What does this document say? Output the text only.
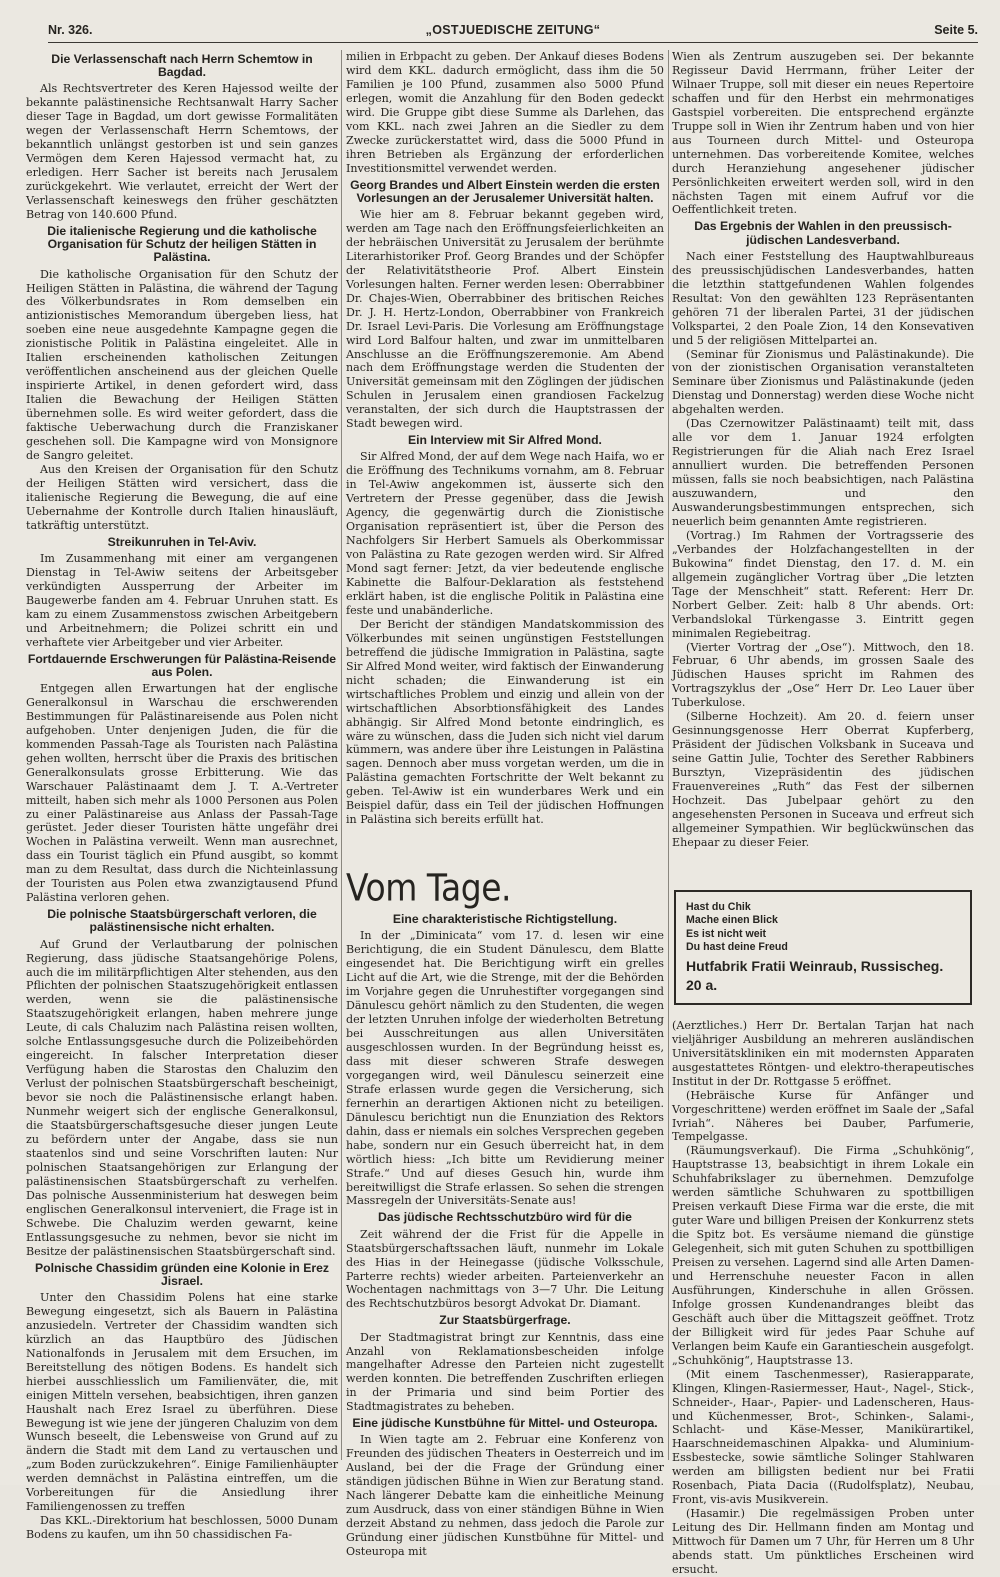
Nr. 326.	„OSTJUEDISCHE ZEITUNG“	Seite 5.
Die Verlassenschaft nach Herrn Schemtow in Bagdad.

Als Rechtsvertreter des Keren Hajessod weilte der bekannte palästinensiche Rechtsanwalt Harry Sacher dieser Tage in Bagdad, um dort gewisse Formalitäten wegen der Verlassenschaft Herrn Schemtows, der bekanntlich unlängst gestorben ist und sein ganzes Vermögen dem Keren Hajessod vermacht hat, zu erledigen. Herr Sacher ist bereits nach Jerusalem zurückgekehrt. Wie verlautet, erreicht der Wert der Verlassenschaft keineswegs den früher geschätzten Betrag von 140.600 Pfund.

Die italienische Regierung und die katholische Organisation für Schutz der heiligen Stätten in Palästina.

Die katholische Organisation für den Schutz der Heiligen Stätten in Palästina, die während der Tagung des Völkerbundsrates in Rom demselben ein antizionistisches Memorandum übergeben liess, hat soeben eine neue ausgedehnte Kampagne gegen die zionistische Politik in Palästina eingeleitet. Alle in Italien erscheinenden katholischen Zeitungen veröffentlichen anscheinend aus der gleichen Quelle inspirierte Artikel, in denen gefordert wird, dass Italien die Bewachung der Heiligen Stätten übernehmen solle. Es wird weiter gefordert, dass die faktische Ueberwachung durch die Franziskaner geschehen soll. Die Kampagne wird von Monsignore de Sangro geleitet.

Aus den Kreisen der Organisation für den Schutz der Heiligen Stätten wird versichert, dass die italienische Regierung die Bewegung, die auf eine Uebernahme der Kontrolle durch Italien hinausläuft, tatkräftig unterstützt.

Streikunruhen in Tel-Aviv.

Im Zusammenhang mit einer am vergangenen Dienstag in Tel-Awiw seitens der Arbeitsgeber verkündigten Aussperrung der Arbeiter im Baugewerbe fanden am 4. Februar Unruhen statt. Es kam zu einem Zusammenstoss zwischen Arbeitgebern und Arbeitnehmern; die Polizei schritt ein und verhaftete vier Arbeitgeber und vier Arbeiter.

Fortdauernde Erschwerungen für Palästina-Reisende aus Polen.

Entgegen allen Erwartungen hat der englische Generalkonsul in Warschau die erschwerenden Bestimmungen für Palästinareisende aus Polen nicht aufgehoben. Unter denjenigen Juden, die für die kommenden Passah-Tage als Touristen nach Palästina gehen wollten, herrscht über die Praxis des britischen Generalkonsulats grosse Erbitterung. Wie das Warschauer Palästinaamt dem J. T. A.-Vertreter mitteilt, haben sich mehr als 1000 Personen aus Polen zu einer Palästinareise aus Anlass der Passah-Tage gerüstet. Jeder dieser Touristen hätte ungefähr drei Wochen in Palästina verweilt. Wenn man ausrechnet, dass ein Tourist täglich ein Pfund ausgibt, so kommt man zu dem Resultat, dass durch die Nichteinlassung der Touristen aus Polen etwa zwanzigtausend Pfund Palästina verloren gehen.

Die polnische Staatsbürgerschaft verloren, die palästinensische nicht erhalten.

Auf Grund der Verlautbarung der polnischen Regierung, dass jüdische Staatsangehörige Polens, auch die im militärpflichtigen Alter stehenden, aus den Pflichten der polnischen Staatszugehörigkeit entlassen werden, wenn sie die palästinensische Staatszugehörigkeit erlangen, haben mehrere junge Leute, di cals Chaluzim nach Palästina reisen wollten, solche Entlassungsgesuche durch die Polizeibehörden eingereicht. In falscher Interpretation dieser Verfügung haben die Starostas den Chaluzim den Verlust der polnischen Staatsbürgerschaft bescheinigt, bevor sie noch die Palästinensische erlangt haben. Nunmehr weigert sich der englische Generalkonsul, die Staatsbürgerschaftsgesuche dieser jungen Leute zu befördern unter der Angabe, dass sie nun staatenlos sind und seine Vorschriften lauten: Nur polnischen Staatsangehörigen zur Erlangung der palästinensischen Staatsbürgerschaft zu verhelfen. Das polnische Aussenministerium hat deswegen beim englischen Generalkonsul interveniert, die Frage ist in Schwebe. Die Chaluzim werden gewarnt, keine Entlassungsgesuche zu nehmen, bevor sie nicht im Besitze der palästinensischen Staatsbürgerschaft sind.

Polnische Chassidim gründen eine Kolonie in Erez Jisrael.

Unter den Chassidim Polens hat eine starke Bewegung eingesetzt, sich als Bauern in Palästina anzusiedeln. Vertreter der Chassidim wandten sich kürzlich an das Hauptbüro des Jüdischen Nationalfonds in Jerusalem mit dem Ersuchen, im Bereitstellung des nötigen Bodens. Es handelt sich hierbei ausschliesslich um Familienväter, die, mit einigen Mitteln versehen, beabsichtigen, ihren ganzen Haushalt nach Erez Israel zu überführen. Diese Bewegung ist wie jene der jüngeren Chaluzim von dem Wunsch beseelt, die Lebensweise von Grund auf zu ändern die Stadt mit dem Land zu vertauschen und „zum Boden zurückzukehren“. Einige Familienhäupter werden demnächst in Palästina eintreffen, um die Vorbereitungen für die Ansiedlung ihrer Familiengenossen zu treffen

Das KKL.-Direktorium hat beschlossen, 5000 Dunam Bodens zu kaufen, um ihn 50 chassidischen Fa-

milien in Erbpacht zu geben. Der Ankauf dieses Bodens wird dem KKL. dadurch ermöglicht, dass ihm die 50 Familien je 100 Pfund, zusammen also 5000 Pfund erlegen, womit die Anzahlung für den Boden gedeckt wird. Die Gruppe gibt diese Summe als Darlehen, das vom KKL. nach zwei Jahren an die Siedler zu dem Zwecke zurückerstattet wird, dass die 5000 Pfund in ihren Betrieben als Ergänzung der erforderlichen Investitionsmittel verwendet werden.

Georg Brandes und Albert Einstein werden die ersten Vorlesungen an der Jerusalemer Universität halten.

Wie hier am 8. Februar bekannt gegeben wird, werden am Tage nach den Eröffnungsfeierlichkeiten an der hebräischen Universität zu Jerusalem der berühmte Literarhistoriker Prof. Georg Brandes und der Schöpfer der Relativitätstheorie Prof. Albert Einstein Vorlesungen halten. Ferner werden lesen: Oberrabbiner Dr. Chajes-Wien, Oberrabbiner des britischen Reiches Dr. J. H. Hertz-London, Oberrabbiner von Frankreich Dr. Israel Levi-Paris. Die Vorlesung am Eröffnungstage wird Lord Balfour halten, und zwar im unmittelbaren Anschlusse an die Eröffnungszeremonie. Am Abend nach dem Eröffnungstage werden die Studenten der Universität gemeinsam mit den Zöglingen der jüdischen Schulen in Jerusalem einen grandiosen Fackelzug veranstalten, der sich durch die Hauptstrassen der Stadt bewegen wird.

Ein Interview mit Sir Alfred Mond.

Sir Alfred Mond, der auf dem Wege nach Haifa, wo er die Eröffnung des Technikums vornahm, am 8. Februar in Tel-Awiw angekommen ist, äusserte sich den Vertretern der Presse gegenüber, dass die Jewish Agency, die gegenwärtig durch die Zionistische Organisation repräsentiert ist, über die Person des Nachfolgers Sir Herbert Samuels als Oberkommissar von Palästina zu Rate gezogen werden wird. Sir Alfred Mond sagt ferner: Jetzt, da vier bedeutende englische Kabinette die Balfour-Deklaration als feststehend erklärt haben, ist die englische Politik in Palästina eine feste und unabänderliche.

Der Bericht der ständigen Mandatskommission des Völkerbundes mit seinen ungünstigen Feststellungen betreffend die jüdische Immigration in Palästina, sagte Sir Alfred Mond weiter, wird faktisch der Einwanderung nicht schaden; die Einwanderung ist ein wirtschaftliches Problem und einzig und allein von der wirtschaftlichen Absorbtionsfähigkeit des Landes abhängig. Sir Alfred Mond betonte eindringlich, es wäre zu wünschen, dass die Juden sich nicht viel darum kümmern, was andere über ihre Leistungen in Palästina sagen. Dennoch aber muss vorgetan werden, um die in Palästina gemachten Fortschritte der Welt bekannt zu geben. Tel-Awiw ist ein wunderbares Werk und ein Beispiel dafür, dass ein Teil der jüdischen Hoffnungen in Palästina sich bereits erfüllt hat.

Vom Tage.
Eine charakteristische Richtigstellung.

In der „Diminicata“ vom 17. d. lesen wir eine Berichtigung, die ein Student Dänulescu, dem Blatte eingesendet hat. Die Berichtigung wirft ein grelles Licht auf die Art, wie die Strenge, mit der die Behörden im Vorjahre gegen die Unruhestifter vorgegangen sind Dänulescu gehört nämlich zu den Studenten, die wegen der letzten Unruhen infolge der wiederholten Betretung bei Ausschreitungen aus allen Universitäten ausgeschlossen wurden. In der Begründung heisst es, dass mit dieser schweren Strafe deswegen vorgegangen wird, weil Dänulescu seinerzeit eine Strafe erlassen wurde gegen die Versicherung, sich fernerhin an derartigen Aktionen nicht zu beteiligen. Dänulescu berichtigt nun die Enunziation des Rektors dahin, dass er niemals ein solches Versprechen gegeben habe, sondern nur ein Gesuch überreicht hat, in dem wörtlich hiess: „Ich bitte um Revidierung meiner Strafe.“ Und auf dieses Gesuch hin, wurde ihm bereitwilligst die Strafe erlassen. So sehen die strengen Massregeln der Universitäts-Senate aus!

Das jüdische Rechtsschutzbüro wird für die

Zeit während der die Frist für die Appelle in Staatsbürgerschaftssachen läuft, nunmehr im Lokale des Hias in der Heinegasse (jüdische Volksschule, Parterre rechts) wieder arbeiten. Parteienverkehr an Wochentagen nachmittags von 3—7 Uhr. Die Leitung des Rechtschutzbüros besorgt Advokat Dr. Diamant.

Zur Staatsbürgerfrage.

Der Stadtmagistrat bringt zur Kenntnis, dass eine Anzahl von Reklamationsbescheiden infolge mangelhafter Adresse den Parteien nicht zugestellt werden konnten. Die betreffenden Zuschriften erliegen in der Primaria und sind beim Portier des Stadtmagistrates zu beheben.

Eine jüdische Kunstbühne für Mittel- und Osteuropa.

In Wien tagte am 2. Februar eine Konferenz von Freunden des jüdischen Theaters in Oesterreich und im Ausland, bei der die Frage der Gründung einer ständigen jüdischen Bühne in Wien zur Beratung stand. Nach längerer Debatte kam die einheitliche Meinung zum Ausdruck, dass von einer ständigen Bühne in Wien derzeit Abstand zu nehmen, dass jedoch die Parole zur Gründung einer jüdischen Kunstbühne für Mittel- und Osteuropa mit

Wien als Zentrum auszugeben sei. Der bekannte Regisseur David Herrmann, früher Leiter der Wilnaer Truppe, soll mit dieser ein neues Repertoire schaffen und für den Herbst ein mehrmonatiges Gastspiel vorbereiten. Die entsprechend ergänzte Truppe soll in Wien ihr Zentrum haben und von hier aus Tourneen durch Mittel- und Osteuropa unternehmen. Das vorbereitende Komitee, welches durch Heranziehung angesehener jüdischer Persönlichkeiten erweitert werden soll, wird in den nächsten Tagen mit einem Aufruf vor die Oeffentlichkeit treten.

Das Ergebnis der Wahlen in den preussisch-jüdischen Landesverband.

Nach einer Feststellung des Hauptwahlbureaus des preussischjüdischen Landesverbandes, hatten die letzthin stattgefundenen Wahlen folgendes Resultat: Von den gewählten 123 Repräsentanten gehören 71 der liberalen Partei, 31 der jüdischen Volkspartei, 2 den Poale Zion, 14 den Konsevativen und 5 der religiösen Mittelpartei an.

(Seminar für Zionismus und Palästinakunde). Die von der zionistischen Organisation veranstalteten Seminare über Zionismus und Palästinakunde (jeden Dienstag und Donnerstag) werden diese Woche nicht abgehalten werden.

(Das Czernowitzer Palästinaamt) teilt mit, dass alle vor dem 1. Januar 1924 erfolgten Registrierungen für die Aliah nach Erez Israel annulliert wurden. Die betreffenden Personen müssen, falls sie noch beabsichtigen, nach Palästina auszuwandern, und den Auswanderungsbestimmungen entsprechen, sich neuerlich beim genannten Amte registrieren.

(Vortrag.) Im Rahmen der Vortragsserie des „Verbandes der Holzfachangestellten in der Bukowina“ findet Dienstag, den 17. d. M. ein allgemein zugänglicher Vortrag über „Die letzten Tage der Menschheit“ statt. Referent: Herr Dr. Norbert Gelber. Zeit: halb 8 Uhr abends. Ort: Verbandslokal Türkengasse 3. Eintritt gegen minimalen Regiebeitrag.

(Vierter Vortrag der „Ose“). Mittwoch, den 18. Februar, 6 Uhr abends, im grossen Saale des Jüdischen Hauses spricht im Rahmen des Vortragszyklus der „Ose“ Herr Dr. Leo Lauer über Tuberkulose.

(Silberne Hochzeit). Am 20. d. feiern unser Gesinnungsgenosse Herr Oberrat Kupferberg, Präsident der Jüdischen Volksbank in Suceava und seine Gattin Julie, Tochter des Serether Rabbiners Bursztyn, Vizepräsidentin des jüdischen Frauenvereines „Ruth“ das Fest der silbernen Hochzeit. Das Jubelpaar gehört zu den angesehensten Personen in Suceava und erfreut sich allgemeiner Sympathien. Wir beglückwünschen das Ehepaar zu dieser Feier.

Hast du Chik
Mache einen Blick
Es ist nicht weit
Du hast deine Freud
Hutfabrik Fratii Weinraub, Russischeg. 20 a.

(Aerztliches.) Herr Dr. Bertalan Tarjan hat nach vieljähriger Ausbildung an mehreren ausländischen Universitätskliniken ein mit modernsten Apparaten ausgestattetes Röntgen- und elektro-therapeutisches Institut in der Dr. Rottgasse 5 eröffnet.

(Hebräische Kurse für Anfänger und Vorgeschrittene) werden eröffnet im Saale der „Safal Ivriah“. Näheres bei Dauber, Parfumerie, Tempelgasse.

(Räumungsverkauf). Die Firma „Schuhkönig“, Hauptstrasse 13, beabsichtigt in ihrem Lokale ein Schuhfabrikslager zu übernehmen. Demzufolge werden sämtliche Schuhwaren zu spottbilligen Preisen verkauft Diese Firma war die erste, die mit guter Ware und billigen Preisen der Konkurrenz stets die Spitz bot. Es versäume niemand die günstige Gelegenheit, sich mit guten Schuhen zu spottbilligen Preisen zu versehen. Lagernd sind alle Arten Damen- und Herrenschuhe neuester Facon in allen Ausführungen, Kinderschuhe in allen Grössen. Infolge grossen Kundenandranges bleibt das Geschäft auch über die Mittagszeit geöffnet. Trotz der Billigkeit wird für jedes Paar Schuhe auf Verlangen beim Kaufe ein Garantieschein ausgefolgt. „Schuhkönig“, Hauptstrasse 13.

(Mit einem Taschenmesser), Rasierapparate, Klingen, Klingen-Rasiermesser, Haut-, Nagel-, Stick-, Schneider-, Haar-, Papier- und Ladenscheren, Haus- und Küchenmesser, Brot-, Schinken-, Salami-, Schlacht- und Käse-Messer, Manikürartikel, Haarschneidemaschinen Alpakka- und Aluminium-Essbestecke, sowie sämtliche Solinger Stahlwaren werden am billigsten bedient nur bei Fratii Rosenbach, Piata Dacia ((Rudolfsplatz), Neubau, Front, vis-avis Musikverein.

(Hasamir.) Die regelmässigen Proben unter Leitung des Dir. Hellmann finden am Montag und Mittwoch für Damen um 7 Uhr, für Herren um 8 Uhr abends statt. Um pünktliches Erscheinen wird ersucht.
